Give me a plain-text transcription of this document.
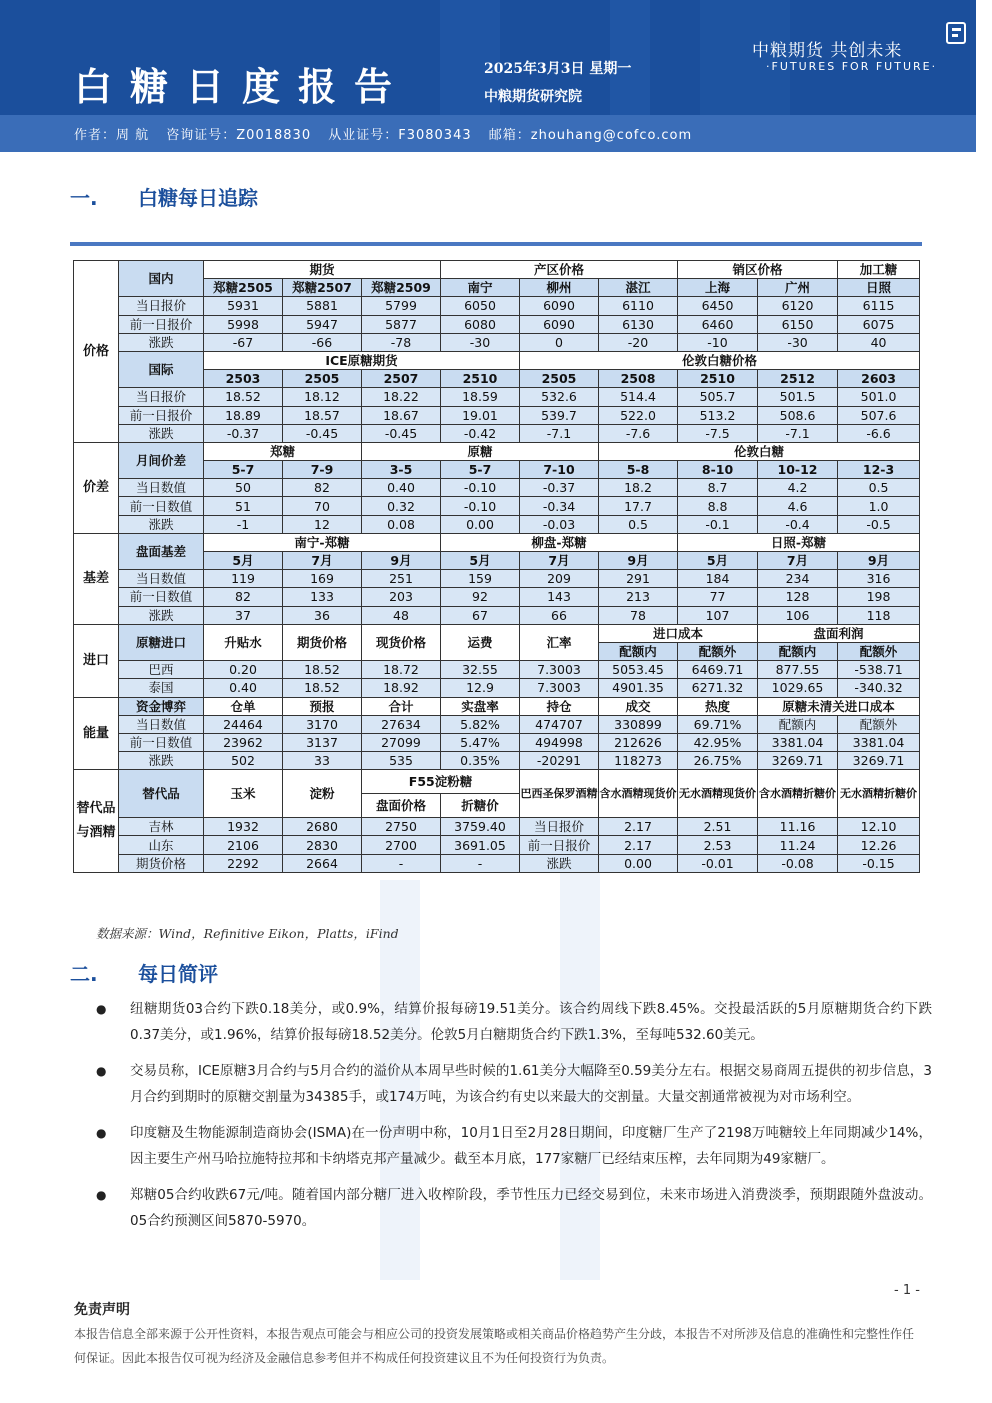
白糖日度报告	2025年3月3日 星期一
中粮期货研究院
中粮期货 共创未来
·FUTURES FOR FUTURE·
作者：周 航 咨询证号：Z0018830 从业证号：F3080343 邮箱：zhouhang@cofco.com
一. 白糖每日追踪
价格	国内	期货			产区价格			销区价格		加工糖
		郑糖2505	郑糖2507	郑糖2509	南宁	柳州	湛江	上海	广州	日照
	当日报价	5931	5881	5799	6050	6090	6110	6450	6120	6115
	前一日报价	5998	5947	5877	6080	6090	6130	6460	6150	6075
	涨跌	-67	-66	-78	-30	0	-20	-10	-30	40
	国际	ICE原糖期货				伦敦白糖价格				
		2503	2505	2507	2510	2505	2508	2510	2512	2603
	当日报价	18.52	18.12	18.22	18.59	532.6	514.4	505.7	501.5	501.0
	前一日报价	18.89	18.57	18.67	19.01	539.7	522.0	513.2	508.6	507.6
	涨跌	-0.37	-0.45	-0.45	-0.42	-7.1	-7.6	-7.5	-7.1	-6.6
价差	月间价差	郑糖		原糖			伦敦白糖			
		5-7	7-9	3-5	5-7	7-10	5-8	8-10	10-12	12-3
	当日数值	50	82	0.40	-0.10	-0.37	18.2	8.7	4.2	0.5
	前一日数值	51	70	0.32	-0.10	-0.34	17.7	8.8	4.6	1.0
	涨跌	-1	12	0.08	0.00	-0.03	0.5	-0.1	-0.4	-0.5
基差	盘面基差	南宁-郑糖			柳盘-郑糖			日照-郑糖		
		5月	7月	9月	5月	7月	9月	5月	7月	9月
	当日数值	119	169	251	159	209	291	184	234	316
	前一日数值	82	133	203	92	143	213	77	128	198
	涨跌	37	36	48	67	66	78	107	106	118
进口	原糖进口	升贴水	期货价格	现货价格	运费	汇率	进口成本		盘面利润	
							配额内	配额外	配额内	配额外
	巴西	0.20	18.52	18.72	32.55	7.3003	5053.45	6469.71	877.55	-538.71
	泰国	0.40	18.52	18.92	12.9	7.3003	4901.35	6271.32	1029.65	-340.32
能量	资金博弈	仓单	预报	合计	实盘率	持仓	成交	热度	原糖未清关进口成本	
	当日数值	24464	3170	27634	5.82%	474707	330899	69.71%	配额内	配额外
	前一日数值	23962	3137	27099	5.47%	494998	212626	42.95%	3381.04	3381.04
	涨跌	502	33	535	0.35%	-20291	118273	26.75%	3269.71	3269.71
替代品与酒精	替代品	玉米	淀粉	F55淀粉糖		巴西圣保罗酒精	含水酒精现货价	无水酒精现货价	含水酒精折糖价	无水酒精折糖价
				盘面价格	折糖价					
	吉林	1932	2680	2750	3759.40	当日报价	2.17	2.51	11.16	12.10
	山东	2106	2830	2700	3691.05	前一日报价	2.17	2.53	11.24	12.26
	期货价格	2292	2664	-	-	涨跌	0.00	-0.01	-0.08	-0.15
数据来源：Wind，Refinitive Eikon，Platts，iFind
二. 每日简评
● 纽糖期货03合约下跌0.18美分，或0.9%，结算价报每磅19.51美分。该合约周线下跌8.45%。交投最活跃的5月原糖期货合约下跌0.37美分，或1.96%，结算价报每磅18.52美分。伦敦5月白糖期货合约下跌1.3%，至每吨532.60美元。
● 交易员称，ICE原糖3月合约与5月合约的溢价从本周早些时候的1.61美分大幅降至0.59美分左右。根据交易商周五提供的初步信息，3月合约到期时的原糖交割量为34385手，或174万吨，为该合约有史以来最大的交割量。大量交割通常被视为对市场利空。
● 印度糖及生物能源制造商协会(ISMA)在一份声明中称，10月1日至2月28日期间，印度糖厂生产了2198万吨糖较上年同期减少14%，因主要生产州马哈拉施特拉邦和卡纳塔克邦产量减少。截至本月底，177家糖厂已经结束压榨，去年同期为49家糖厂。
● 郑糖05合约收跌67元/吨。随着国内部分糖厂进入收榨阶段，季节性压力已经交易到位，未来市场进入消费淡季，预期跟随外盘波动。05合约预测区间5870-5970。
- 1 -
免责声明
本报告信息全部来源于公开性资料，本报告观点可能会与相应公司的投资发展策略或相关商品价格趋势产生分歧，本报告不对所涉及信息的准确性和完整性作任何保证。因此本报告仅可视为经济及金融信息参考但并不构成任何投资建议且不为任何投资行为负责。
